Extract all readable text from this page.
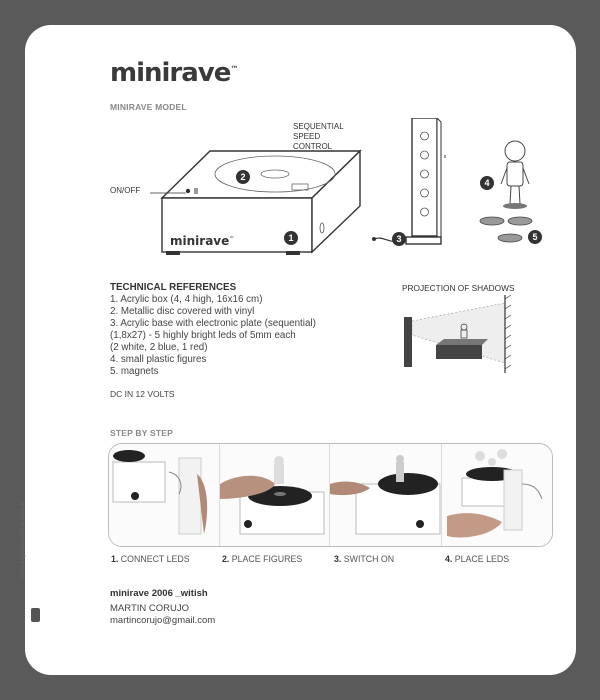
minirave™
MINIRAVE MODEL
SEQUENTIAL
SPEED
CONTROL
ON/OFF
minirave™
2
1	3
4
5
TECHNICAL REFERENCES
1. Acrylic box (4, 4 high, 16x16 cm)
2. Metallic disc covered with vinyl
3. Acrylic base with electronic plate (sequential)
(1,8x27) - 5 highly bright leds of 5mm each
(2 white, 2 blue, 1 red)
4. small plastic figures
5. magnets
DC IN 12 VOLTS
PROJECTION OF SHADOWS
STEP BY STEP
1. CONNECT LEDS	2. PLACE FIGURES	3. SWITCH ON	4. PLACE LEDS
minirave 2006 _witish
MARTIN CORUJO
martincorujo@gmail.com
www.espaciocabina.com.ar
